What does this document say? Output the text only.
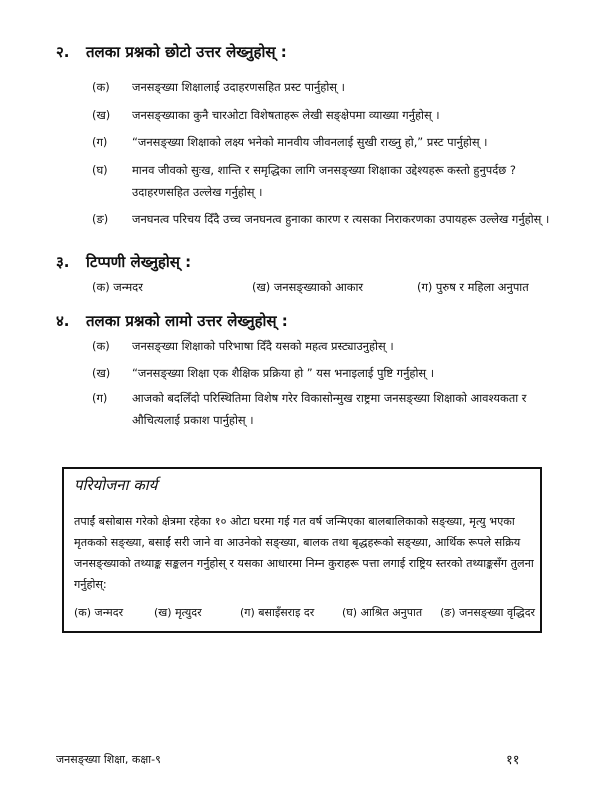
२. तलका प्रश्नको छोटो उत्तर लेख्नुहोस् :
(क)	जनसङ्ख्या शिक्षालाई उदाहरणसहित प्रस्ट पार्नुहोस् ।
(ख)	जनसङ्ख्याका कुनै चारओटा विशेषताहरू लेखी सङ्क्षेपमा व्याख्या गर्नुहोस् ।
(ग)	“जनसङ्ख्या शिक्षाको लक्ष्य भनेको मानवीय जीवनलाई सुखी राख्नु हो,” प्रस्ट पार्नुहोस् ।
(घ)	मानव जीवको सुःख, शान्ति र समृद्धिका लागि जनसङ्ख्या शिक्षाका उद्देश्यहरू कस्तो हुनुपर्दछ ? उदाहरणसहित उल्लेख गर्नुहोस् ।
(ङ)	जनघनत्व परिचय दिँदै उच्च जनघनत्व हुनाका कारण र त्यसका निराकरणका उपायहरू उल्लेख गर्नुहोस् ।
३. टिप्पणी लेख्नुहोस् :
(क) जन्मदर	(ख) जनसङ्ख्याको आकार	(ग) पुरुष र महिला अनुपात
४. तलका प्रश्नको लामो उत्तर लेख्नुहोस् :
(क)	जनसङ्ख्या शिक्षाको परिभाषा दिँदै यसको महत्व प्रस्ट्याउनुहोस् ।
(ख)	“जनसङ्ख्या शिक्षा एक शैक्षिक प्रक्रिया हो ” यस भनाइलाई पुष्टि गर्नुहोस् ।
(ग)	आजको बदलिँदो परिस्थितिमा विशेष गरेर विकासोन्मुख राष्ट्रमा जनसङ्ख्या शिक्षाको आवश्यकता र औचित्यलाई प्रकाश पार्नुहोस् ।
परियोजना कार्य
तपाईं बसोबास गरेको क्षेत्रमा रहेका १० ओटा घरमा गई गत वर्ष जन्मिएका बालबालिकाको सङ्ख्या, मृत्यु भएका मृतकको सङ्ख्या, बसाईं सरी जाने वा आउनेको सङ्ख्या, बालक तथा बृद्धहरूको सङ्ख्या, आर्थिक रूपले सक्रिय जनसङ्ख्याको तथ्याङ्क सङ्कलन गर्नुहोस् र यसका आधारमा निम्न कुराहरू पत्ता लगाई राष्ट्रिय स्तरको तथ्याङ्कसँग तुलना गर्नुहोस्:
(क) जन्मदर	(ख) मृत्युदर	(ग) बसाइँसराइ दर	(घ) आश्रित अनुपात (ङ) जनसङ्ख्या वृद्धिदर
जनसङ्ख्या शिक्षा, कक्षा-९	११
